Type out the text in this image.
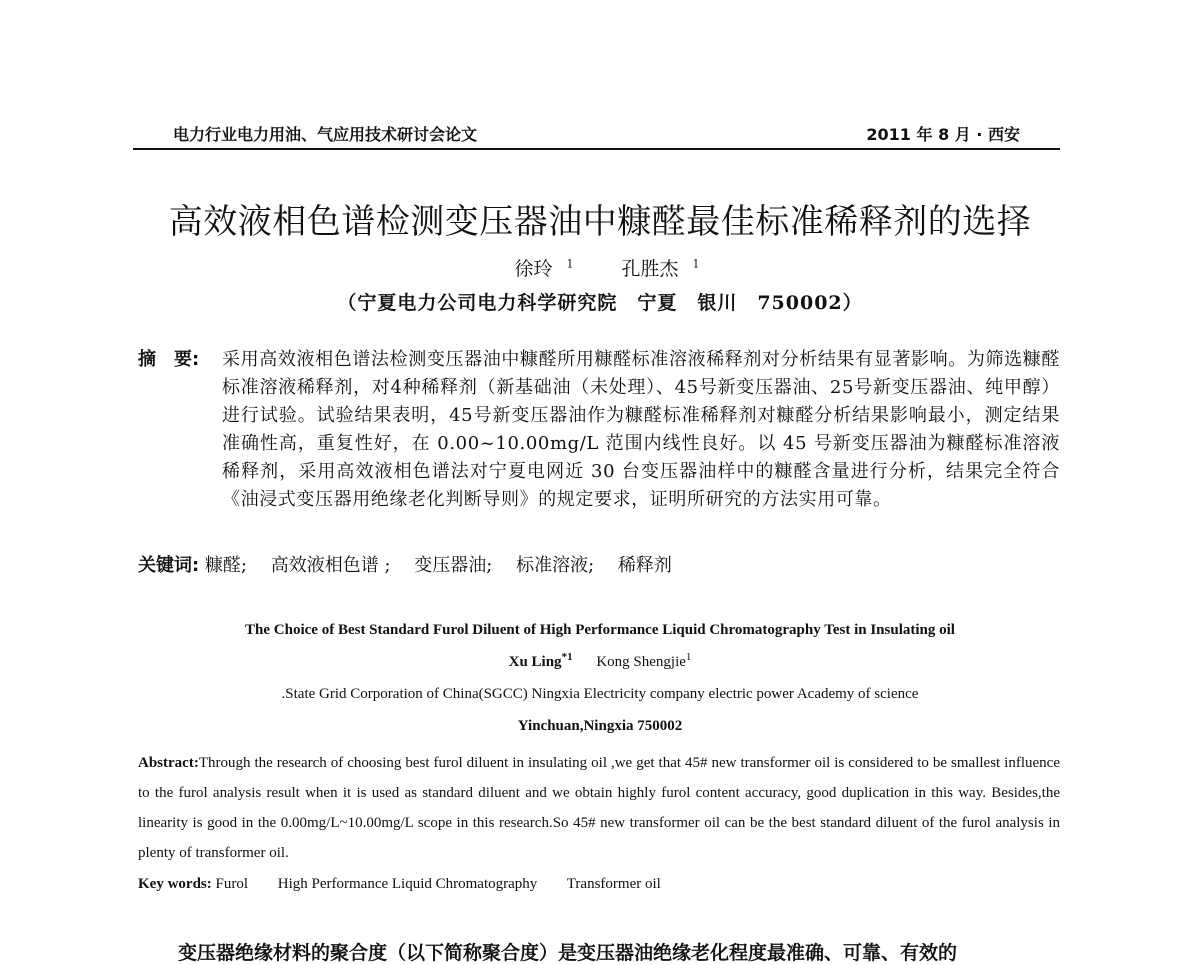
电力行业电力用油、气应用技术研讨会论文	2011 年 8 月 · 西安
高效液相色谱检测变压器油中糠醛最佳标准稀释剂的选择
徐玲 $^1$	孔胜杰 $^1$
（宁夏电力公司电力科学研究院　宁夏　银川　750002）
摘　要:	采用高效液相色谱法检测变压器油中糠醛所用糠醛标准溶液稀释剂对分析结果有显著影响。为筛选糠醛标准溶液稀释剂，对4种稀释剂（新基础油（未处理）、45号新变压器油、25号新变压器油、纯甲醇）进行试验。试验结果表明，45号新变压器油作为糠醛标准稀释剂对糠醛分析结果影响最小，测定结果准确性高，重复性好，在 0.00~10.00mg/L 范围内线性良好。以 45 号新变压器油为糠醛标准溶液稀释剂，采用高效液相色谱法对宁夏电网近 30 台变压器油样中的糠醛含量进行分析，结果完全符合《油浸式变压器用绝缘老化判断导则》的规定要求，证明所研究的方法实用可靠。
关键词: 糠醛; 高效液相色谱 ; 变压器油; 标准溶液; 稀释剂
The Choice of Best Standard Furol Diluent of High Performance Liquid Chromatography Test in Insulating oil
Xu Ling$^{*1}$ Kong Shengjie$^1$
.State Grid Corporation of China(SGCC) Ningxia Electricity company electric power Academy of science
Yinchuan,Ningxia 750002
Abstract:Through the research of choosing best furol diluent in insulating oil ,we get that 45# new transformer oil is considered to be smallest influence to the furol analysis result when it is used as standard diluent and we obtain highly furol content accuracy, good duplication in this way. Besides,the linearity is good in the 0.00mg/L~10.00mg/L scope in this research.So 45# new transformer oil can be the best standard diluent of the furol analysis in plenty of transformer oil.
Key words: Furol High Performance Liquid Chromatography Transformer oil
变压器绝缘材料的聚合度（以下简称聚合度）是变压器油绝缘老化程度最准确、可靠、有效的
